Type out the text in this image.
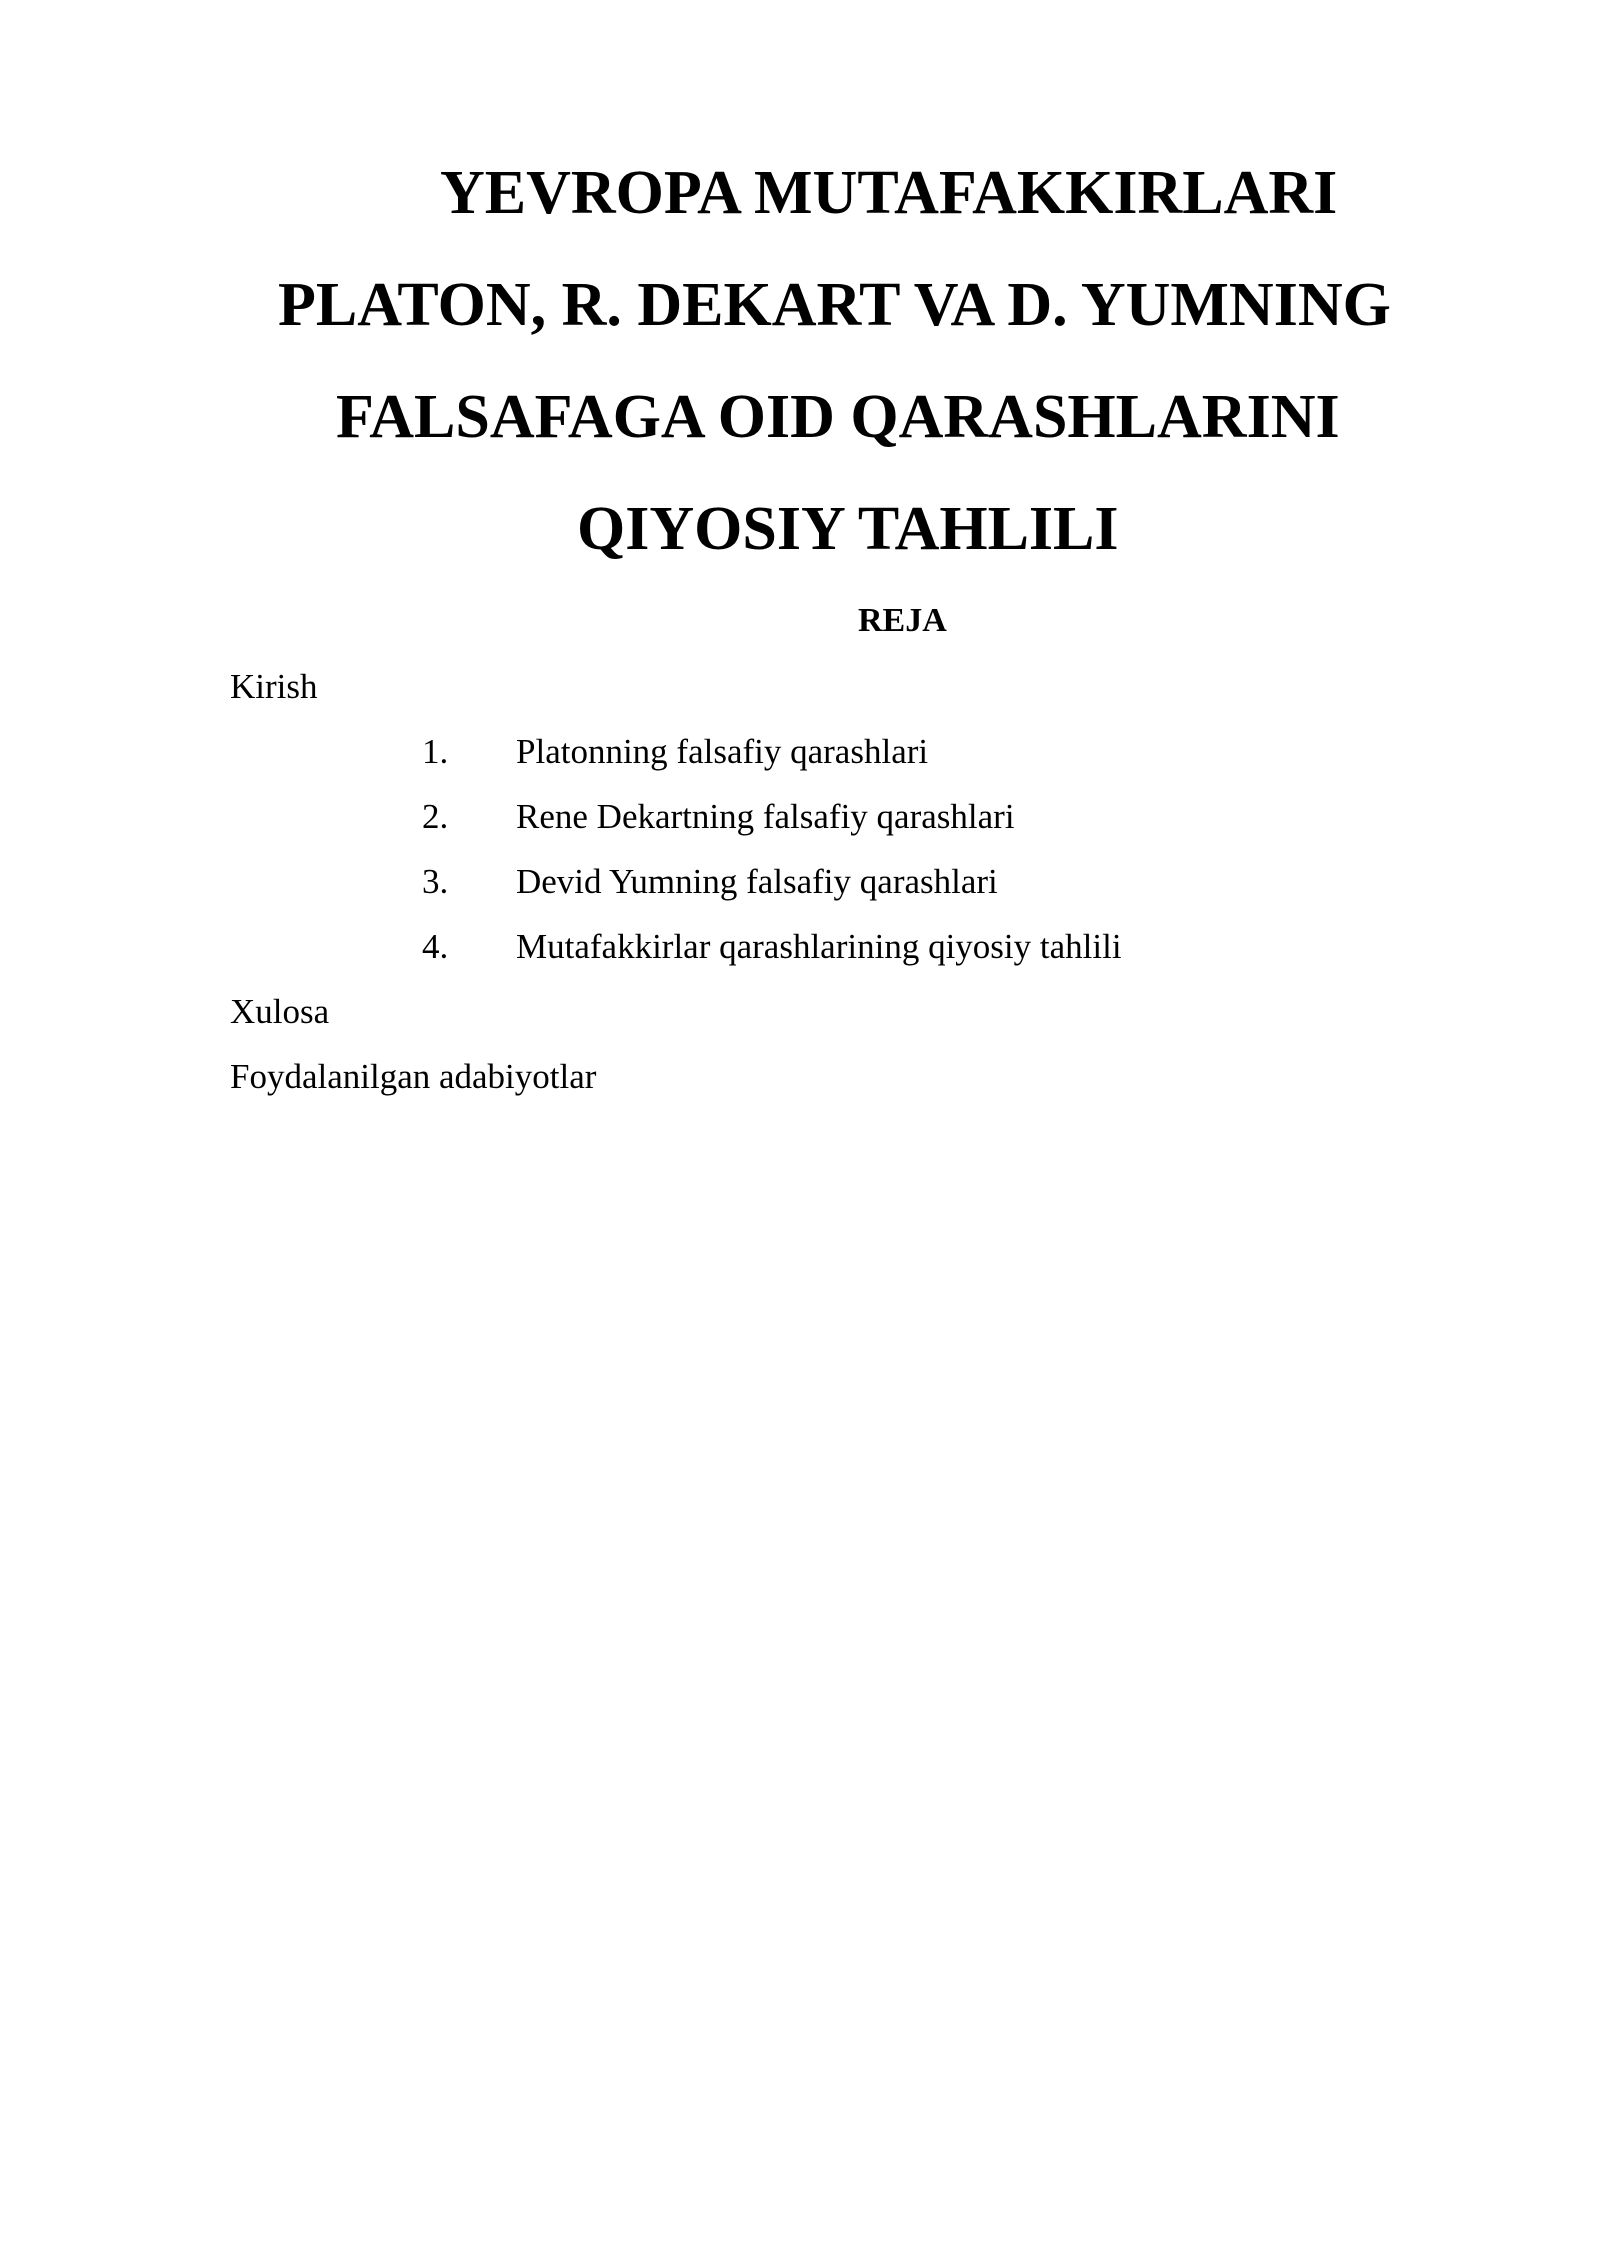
YEVROPA MUTAFAKKIRLARI
PLATON, R. DEKART VA D. YUMNING
FALSAFAGA OID QARASHLARINI
QIYOSIY TAHLILI
REJA
Kirish
1. Platonning falsafiy qarashlari
2. Rene Dekartning falsafiy qarashlari
3. Devid Yumning falsafiy qarashlari
4. Mutafakkirlar qarashlarining qiyosiy tahlili
Xulosa
Foydalanilgan adabiyotlar
